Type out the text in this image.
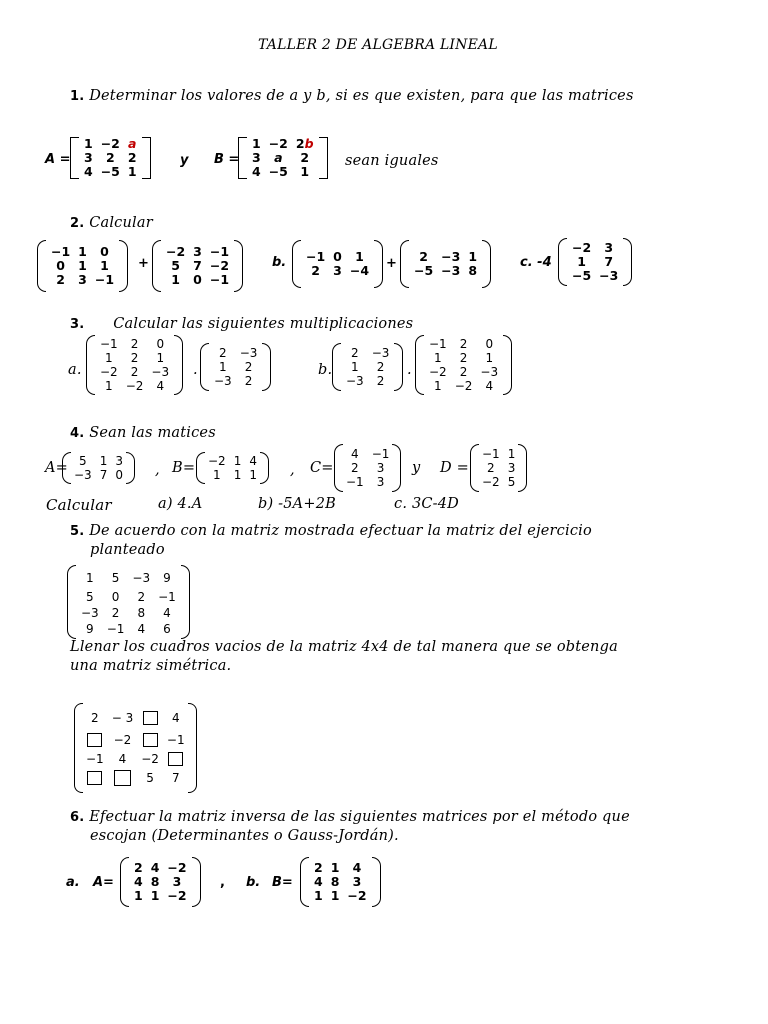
TALLER 2 DE ALGEBRA LINEAL
1. Determinar los valores de a y b, si es que existen, para que las matrices
A =
1	−2	a
3	2	2
4	−5	1
y B =
1	−2	2b
3	a	2
4	−5	1
sean iguales
2. Calcular
−1	1	0
0	1	1
2	3	−1
+
−2	3	−1
5	7	−2
1	0	−1
b. −1	0	1
2	3	−4 + 2	−3	1
−5	−3	8
c. -4
−2	3
1	7
−5	−3
3. Calcular las siguientes multiplicaciones
a.
−1	2	0
1	2	1
−2	2	−3
1	−2	4
.
2	−3
1	2
−3	2
b.
2	−3
1	2
−3	2
.
−1	2	0
1	2	1
−2	2	−3
1	−2	4
4. Sean las matices
A= 5	1	3
−3	7	0 , B= −2	1	4
1	1	1 , C=
4	−1
2	3
−1	3
y D =
−1	1
2	3
−2	5
Calcular	a) 4.A	b) -5A+2B	c. 3C-4D
5. De acuerdo con la matriz mostrada efectuar la matriz del ejercicio
planteado
1	5	−3	9
5	0	2	−1
−3	2	8	4
9	−1	4	6
Llenar los cuadros vacios de la matriz 4x4 de tal manera que se obtenga
una matriz simétrica.
2	− 3		4
	−2		−1
−1	4	−2	
		5	7
6. Efectuar la matriz inversa de las siguientes matrices por el método que
escojan (Determinantes o Gauss-Jordán).
a. A=
2	4	−2
4	8	3
1	1	−2
, b. B=
2	1	4
4	8	3
1	1	−2
